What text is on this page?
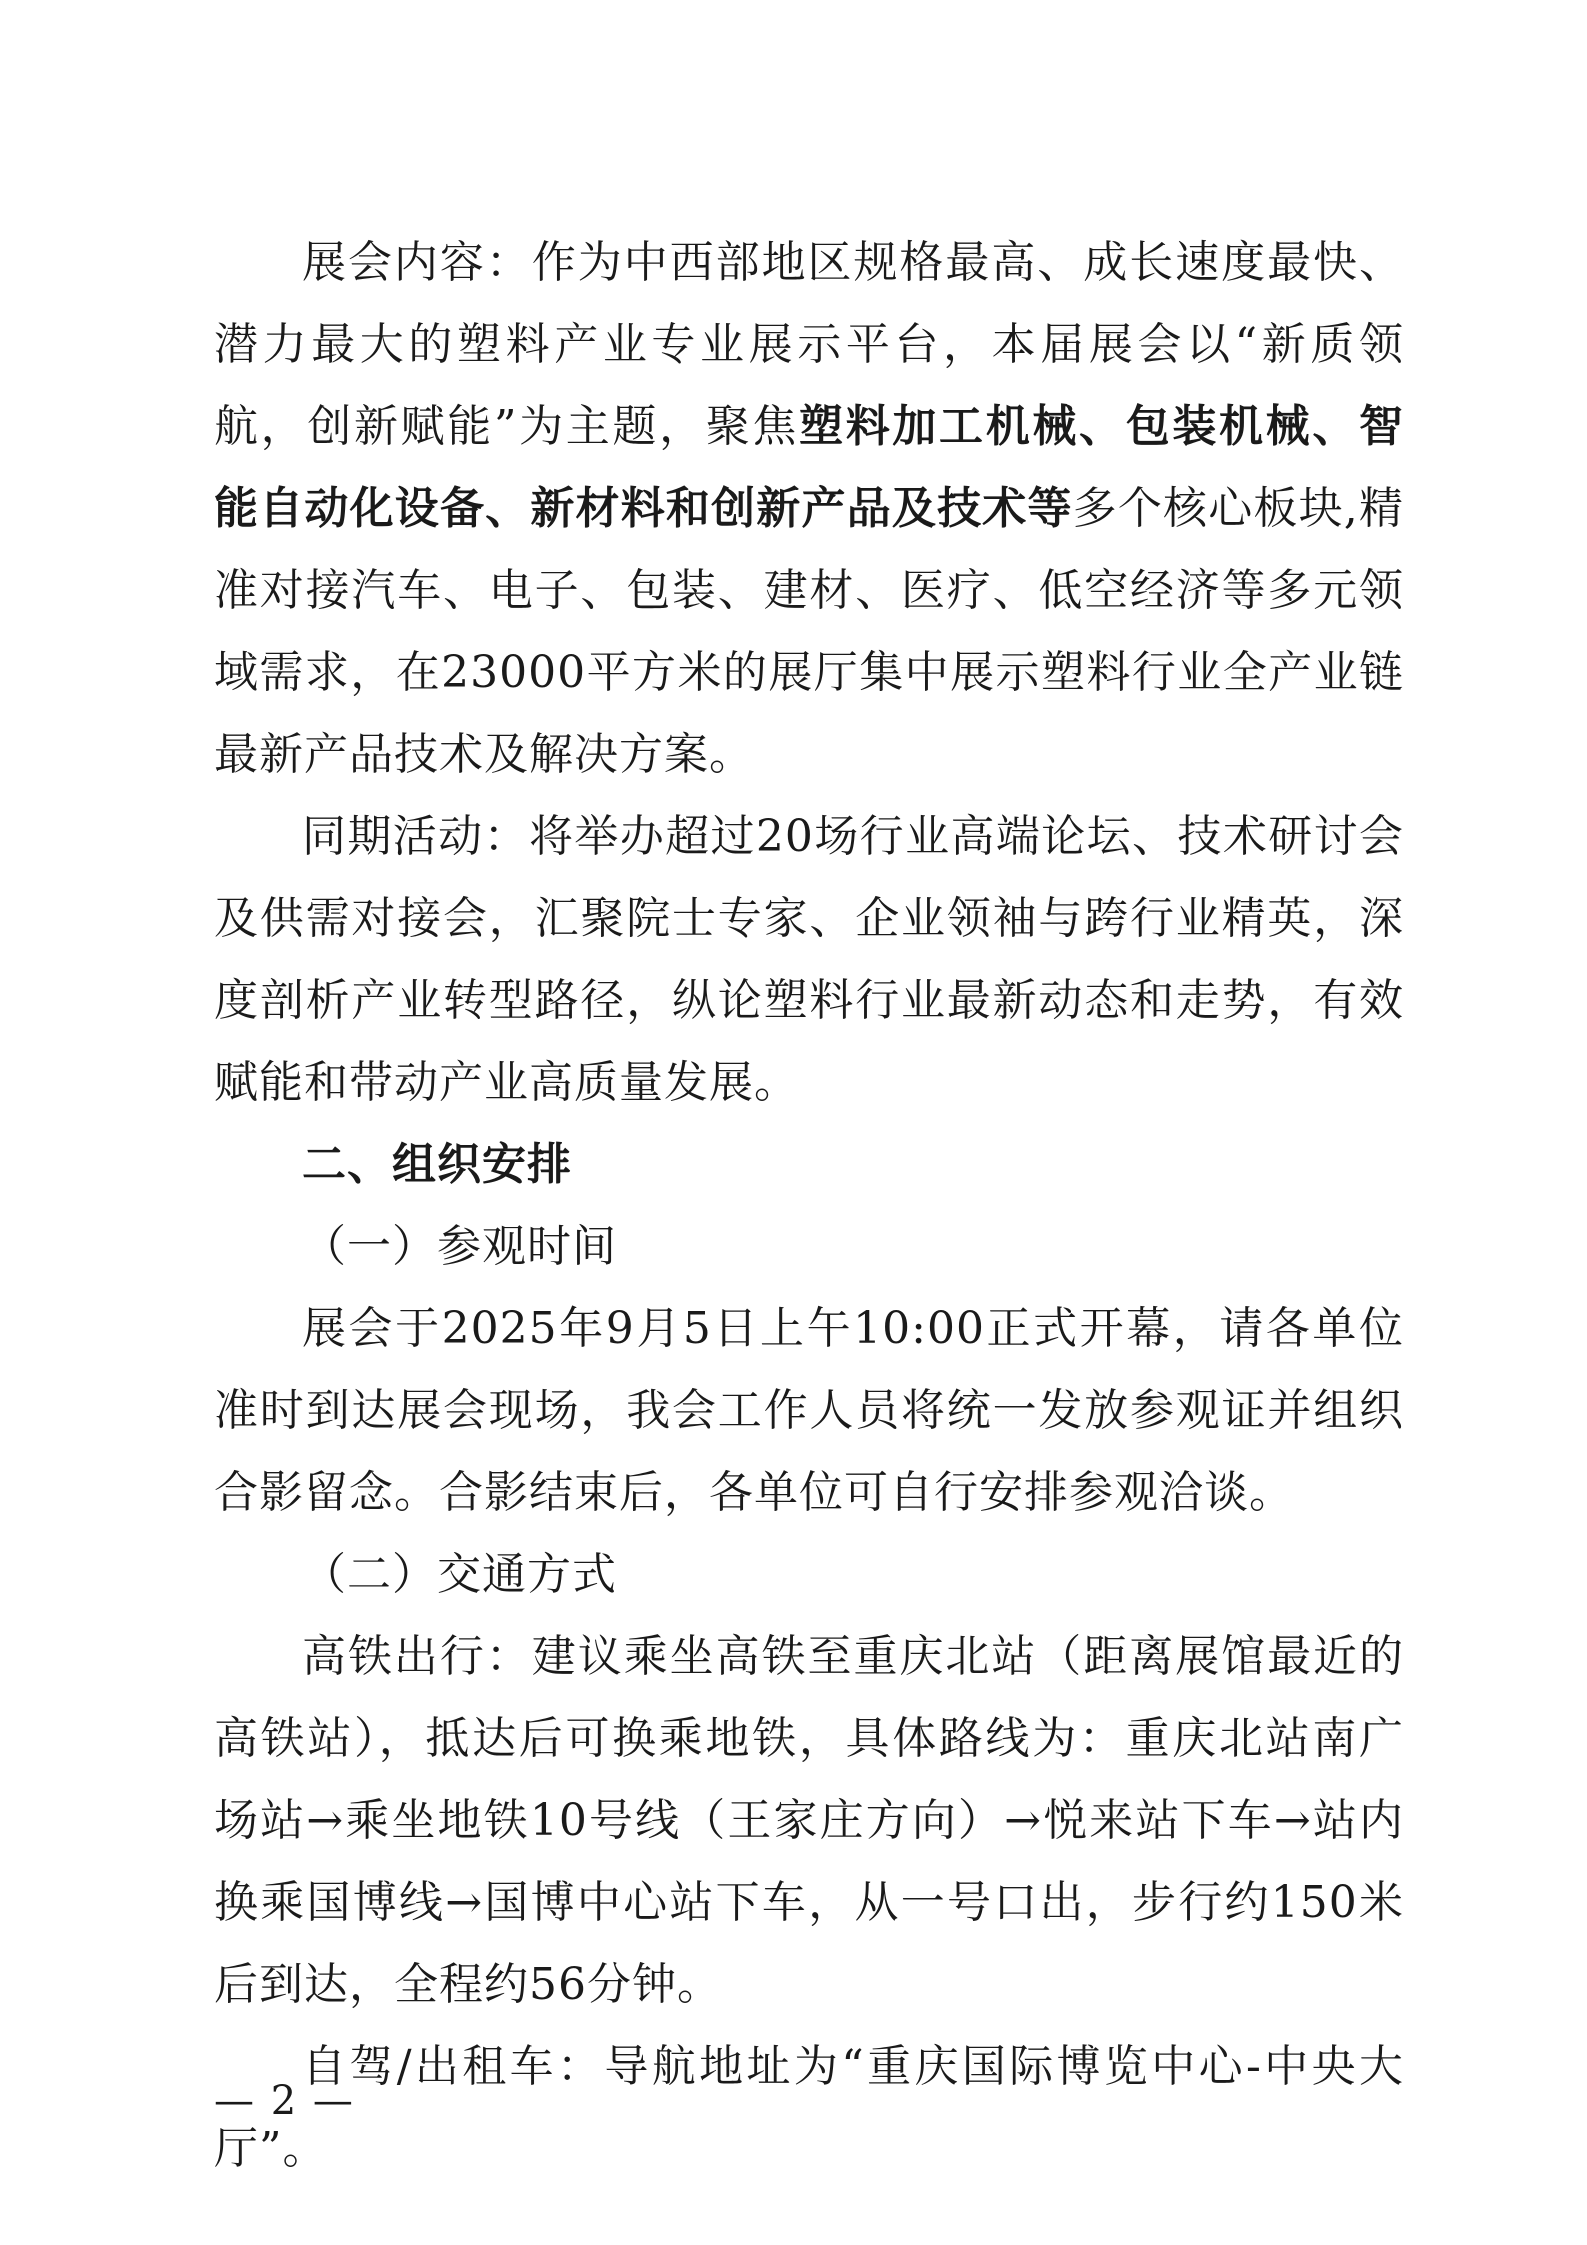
展会内容：作为中西部地区规格最高、成长速度最快、潜力最大的塑料产业专业展示平台，本届展会以“新质领航，创新赋能”为主题，聚焦塑料加工机械、包装机械、智能自动化设备、新材料和创新产品及技术等多个核心板块,精准对接汽车、电子、包装、建材、医疗、低空经济等多元领域需求，在23000平方米的展厅集中展示塑料行业全产业链最新产品技术及解决方案。

同期活动：将举办超过20场行业高端论坛、技术研讨会及供需对接会，汇聚院士专家、企业领袖与跨行业精英，深度剖析产业转型路径，纵论塑料行业最新动态和走势，有效赋能和带动产业高质量发展。

二、组织安排

（一）参观时间

展会于2025年9月5日上午10:00正式开幕，请各单位准时到达展会现场，我会工作人员将统一发放参观证并组织合影留念。合影结束后，各单位可自行安排参观洽谈。

（二）交通方式

高铁出行：建议乘坐高铁至重庆北站（距离展馆最近的高铁站），抵达后可换乘地铁，具体路线为：重庆北站南广场站→乘坐地铁10号线（王家庄方向）→悦来站下车→站内换乘国博线→国博中心站下车，从一号口出，步行约150米后到达，全程约56分钟。

自驾/出租车：导航地址为“重庆国际博览中心-中央大厅”。

— 2 —
